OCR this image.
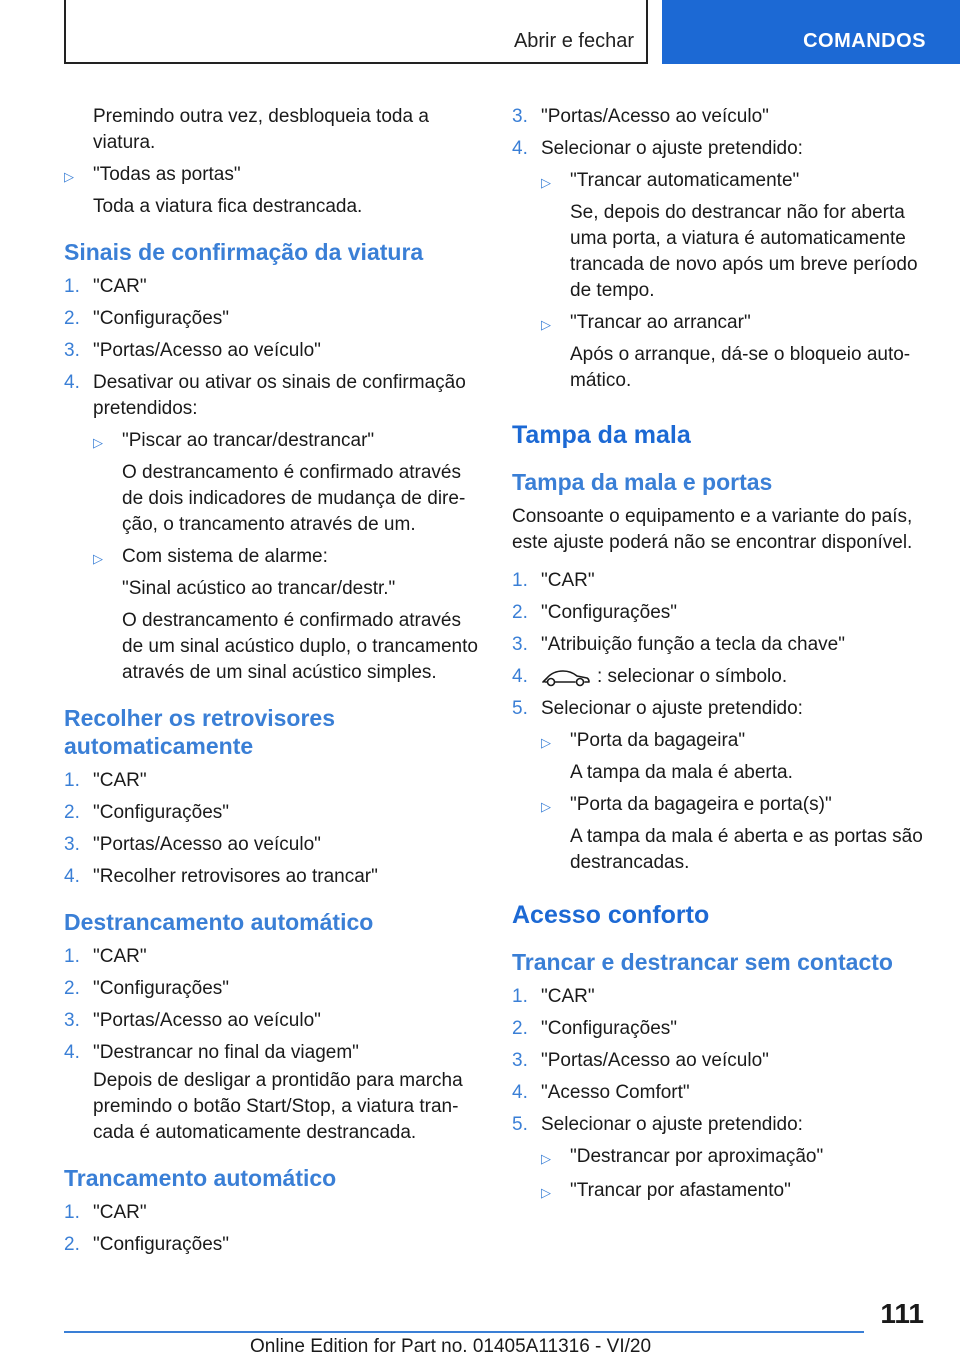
Abrir e fechar	COMANDOS

Premindo outra vez, desbloqueia toda a viatura.

▷	"Todas as portas"

Toda a viatura fica destrancada.

Sinais de confirmação da viatura
1. "CAR"
2. "Configurações"
3. "Portas/Acesso ao veículo"
4. Desativar ou ativar os sinais de confirmação pretendidos:
▷	"Piscar ao trancar/destrancar"

O destrancamento é confirmado através de dois indicadores de mudança de dire-ção, o trancamento através de um.

▷	Com sistema de alarme:

"Sinal acústico ao trancar/destr."

O destrancamento é confirmado através de um sinal acústico duplo, o trancamento através de um sinal acústico simples.

Recolher os retrovisores automaticamente
1. "CAR"
2. "Configurações"
3. "Portas/Acesso ao veículo"
4. "Recolher retrovisores ao trancar"
Destrancamento automático
1. "CAR"
2. "Configurações"
3. "Portas/Acesso ao veículo"
4. "Destrancar no final da viagem"

Depois de desligar a prontidão para marcha premindo o botão Start/Stop, a viatura tran-cada é automaticamente destrancada.

Trancamento automático
1. "CAR"
2. "Configurações"
3. "Portas/Acesso ao veículo"
4. Selecionar o ajuste pretendido:
▷	"Trancar automaticamente"

Se, depois do destrancar não for aberta uma porta, a viatura é automaticamente trancada de novo após um breve período de tempo.

▷	"Trancar ao arrancar"

Após o arranque, dá-se o bloqueio auto-mático.

Tampa da mala
Tampa da mala e portas

Consoante o equipamento e a variante do país, este ajuste poderá não se encontrar disponível.

1. "CAR"
2. "Configurações"
3. "Atribuição função a tecla da chave"
4.	: selecionar o símbolo.
5. Selecionar o ajuste pretendido:
▷	"Porta da bagageira"

A tampa da mala é aberta.

▷	"Porta da bagageira e porta(s)"

A tampa da mala é aberta e as portas são destrancadas.

Acesso conforto
Trancar e destrancar sem contacto
1. "CAR"
2. "Configurações"
3. "Portas/Acesso ao veículo"
4. "Acesso Comfort"
5. Selecionar o ajuste pretendido:
▷	"Destrancar por aproximação"
▷	"Trancar por afastamento"
111
Online Edition for Part no. 01405A11316 - VI/20
